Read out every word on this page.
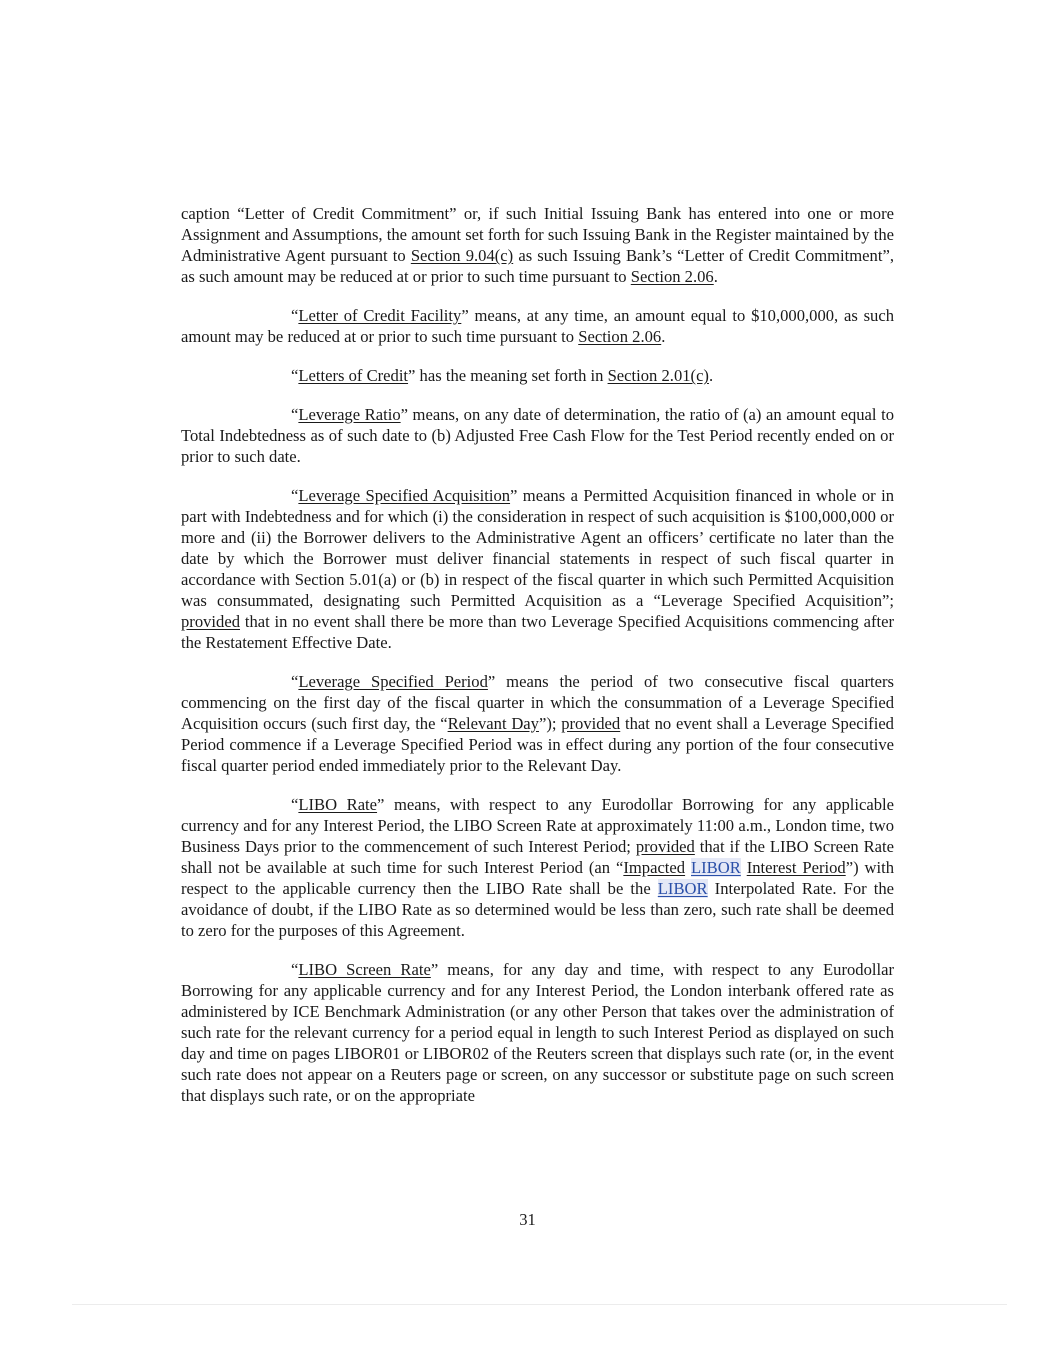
caption “Letter of Credit Commitment” or, if such Initial Issuing Bank has entered into one or more Assignment and Assumptions, the amount set forth for such Issuing Bank in the Register maintained by the Administrative Agent pursuant to Section 9.04(c) as such Issuing Bank’s “Letter of Credit Commitment”, as such amount may be reduced at or prior to such time pursuant to Section 2.06.

“Letter of Credit Facility” means, at any time, an amount equal to $10,000,000, as such amount may be reduced at or prior to such time pursuant to Section 2.06.

“Letters of Credit” has the meaning set forth in Section 2.01(c).

“Leverage Ratio” means, on any date of determination, the ratio of (a) an amount equal to Total Indebtedness as of such date to (b) Adjusted Free Cash Flow for the Test Period recently ended on or prior to such date.

“Leverage Specified Acquisition” means a Permitted Acquisition financed in whole or in part with Indebtedness and for which (i) the consideration in respect of such acquisition is $100,000,000 or more and (ii) the Borrower delivers to the Administrative Agent an officers’ certificate no later than the date by which the Borrower must deliver financial statements in respect of such fiscal quarter in accordance with Section 5.01(a) or (b) in respect of the fiscal quarter in which such Permitted Acquisition was consummated, designating such Permitted Acquisition as a “Leverage Specified Acquisition”; provided that in no event shall there be more than two Leverage Specified Acquisitions commencing after the Restatement Effective Date.

“Leverage Specified Period” means the period of two consecutive fiscal quarters commencing on the first day of the fiscal quarter in which the consummation of a Leverage Specified Acquisition occurs (such first day, the “Relevant Day”); provided that no event shall a Leverage Specified Period commence if a Leverage Specified Period was in effect during any portion of the four consecutive fiscal quarter period ended immediately prior to the Relevant Day.

“LIBO Rate” means, with respect to any Eurodollar Borrowing for any applicable currency and for any Interest Period, the LIBO Screen Rate at approximately 11:00 a.m., London time, two Business Days prior to the commencement of such Interest Period; provided that if the LIBO Screen Rate shall not be available at such time for such Interest Period (an “Impacted LIBOR Interest Period”) with respect to the applicable currency then the LIBO Rate shall be the LIBOR Interpolated Rate. For the avoidance of doubt, if the LIBO Rate as so determined would be less than zero, such rate shall be deemed to zero for the purposes of this Agreement.

“LIBO Screen Rate” means, for any day and time, with respect to any Eurodollar Borrowing for any applicable currency and for any Interest Period, the London interbank offered rate as administered by ICE Benchmark Administration (or any other Person that takes over the administration of such rate for the relevant currency for a period equal in length to such Interest Period as displayed on such day and time on pages LIBOR01 or LIBOR02 of the Reuters screen that displays such rate (or, in the event such rate does not appear on a Reuters page or screen, on any successor or substitute page on such screen that displays such rate, or on the appropriate

31
